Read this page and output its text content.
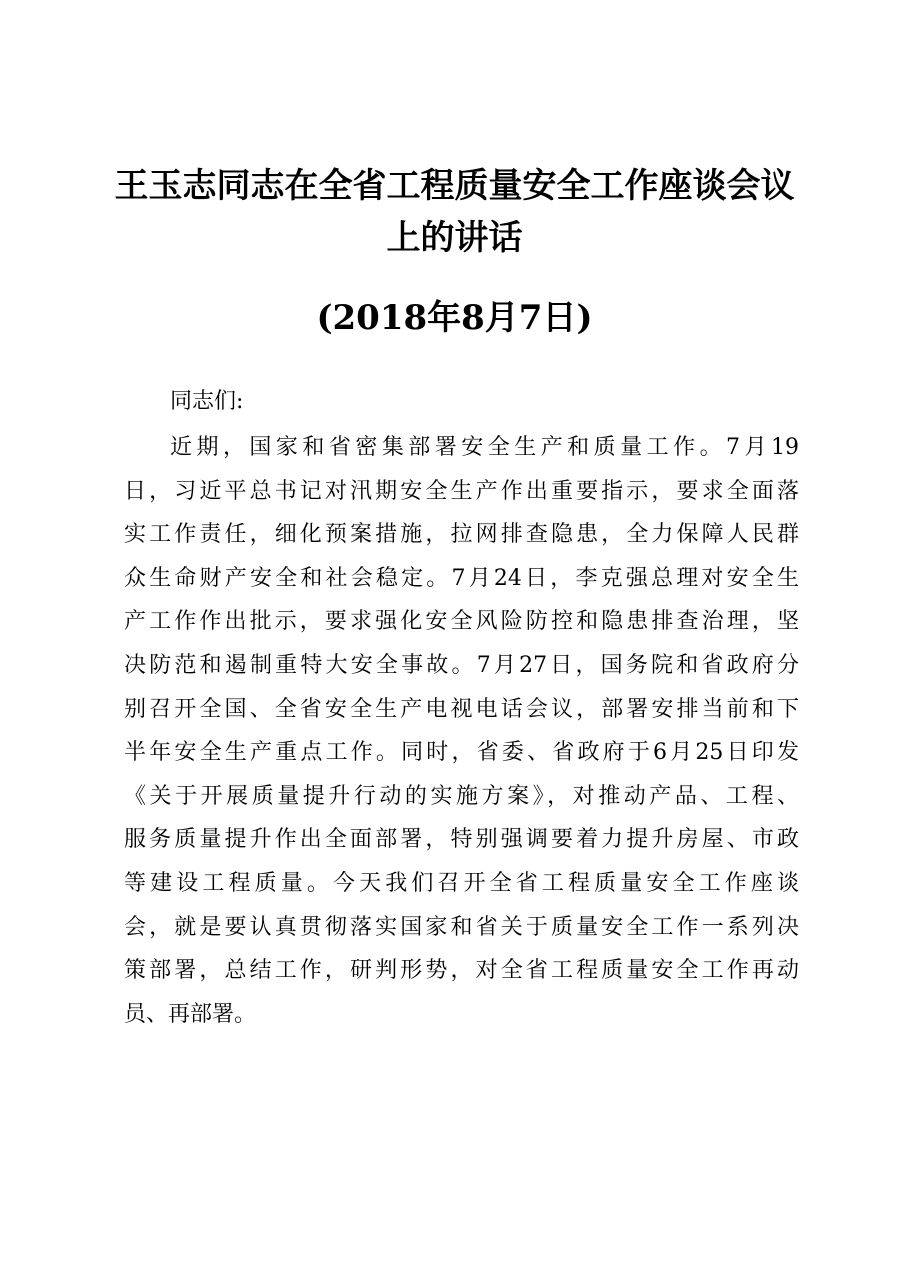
王玉志同志在全省工程质量安全工作座谈会议
上的讲话
(2018年8月7日)
同志们:
近期，国家和省密集部署安全生产和质量工作。7月19
日，习近平总书记对汛期安全生产作出重要指示，要求全面落
实工作责任，细化预案措施，拉网排查隐患，全力保障人民群
众生命财产安全和社会稳定。7月24日，李克强总理对安全生
产工作作出批示，要求强化安全风险防控和隐患排查治理，坚
决防范和遏制重特大安全事故。7月27日，国务院和省政府分
别召开全国、全省安全生产电视电话会议，部署安排当前和下
半年安全生产重点工作。同时，省委、省政府于6月25日印发
《关于开展质量提升行动的实施方案》，对推动产品、工程、
服务质量提升作出全面部署，特别强调要着力提升房屋、市政
等建设工程质量。今天我们召开全省工程质量安全工作座谈
会，就是要认真贯彻落实国家和省关于质量安全工作一系列决
策部署，总结工作，研判形势，对全省工程质量安全工作再动
员、再部署。
